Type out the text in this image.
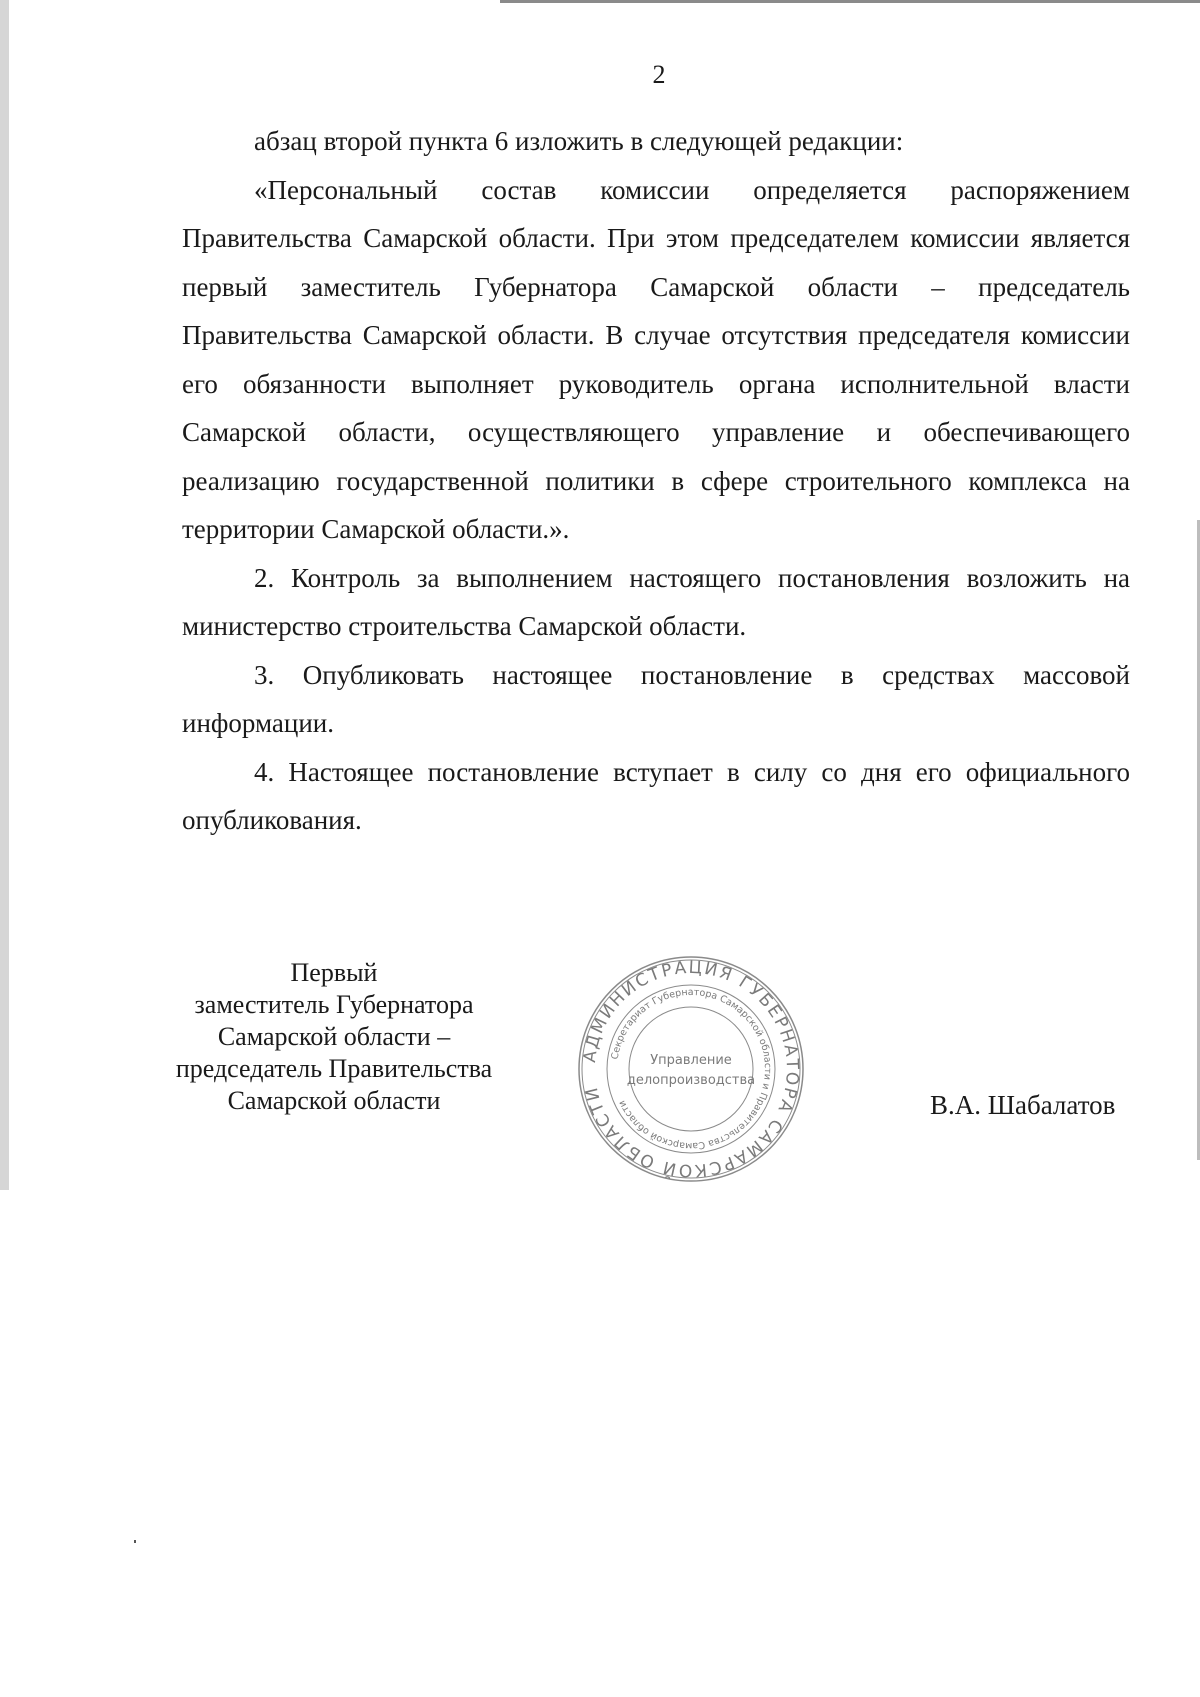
2

абзац второй пункта 6 изложить в следующей редакции:

«Персональный состав комиссии определяется распоряжением Правительства Самарской области. При этом председателем комиссии является первый заместитель Губернатора Самарской области – председатель Правительства Самарской области. В случае отсутствия председателя комиссии его обязанности выполняет руководитель органа исполнительной власти Самарской области, осуществляющего управление и обеспечивающего реализацию государственной политики в сфере строительного комплекса на территории Самарской области.».

2. Контроль за выполнением настоящего постановления возложить на министерство строительства Самарской области.

3. Опубликовать настоящее постановление в средствах массовой информации.

4. Настоящее постановление вступает в силу со дня его официального опубликования.

Первый
заместитель Губернатора
Самарской области –
председатель Правительства
Самарской области
АДМИНИСТРАЦИЯ ГУБЕРНАТОРА САМАРСКОЙ ОБЛАСТИ
Секретариат Губернатора Самарской области и Правительства Самарской области
Управление
делопроизводства
В.А. Шабалатов
